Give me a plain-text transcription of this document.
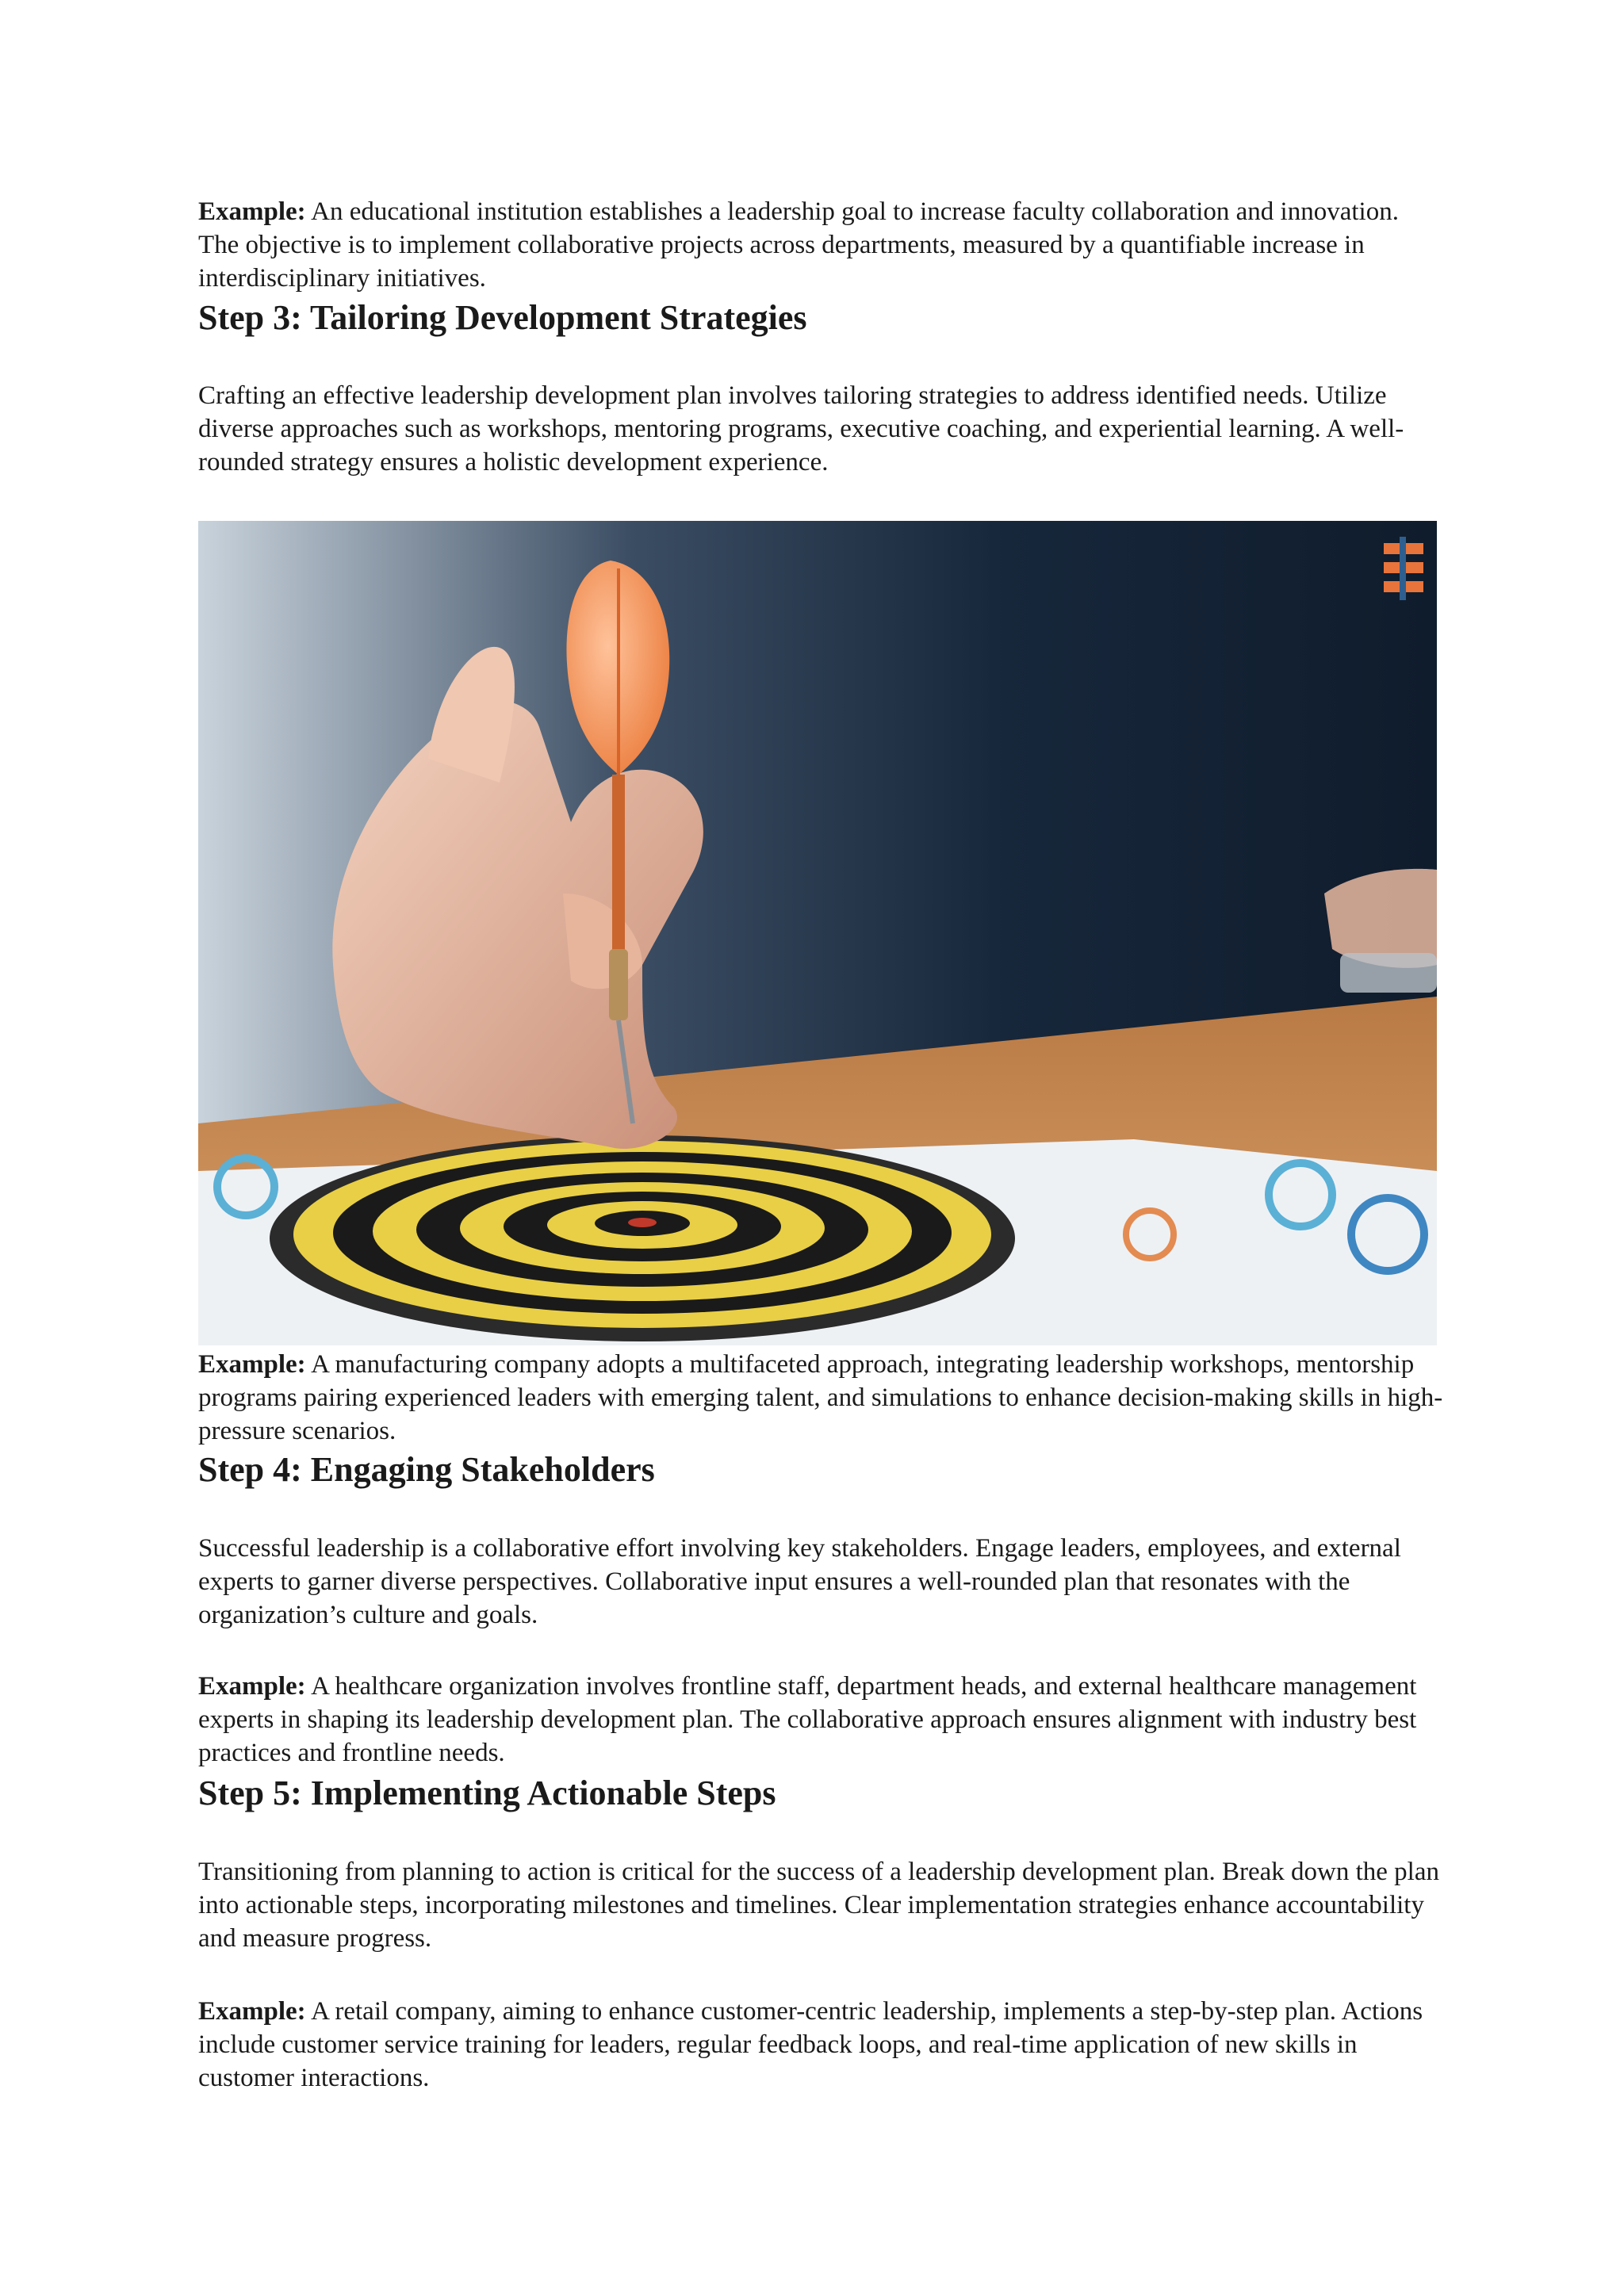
Example: An educational institution establishes a leadership goal to increase faculty collaboration and innovation. The objective is to implement collaborative projects across departments, measured by a quantifiable increase in interdisciplinary initiatives.

Step 3: Tailoring Development Strategies

Crafting an effective leadership development plan involves tailoring strategies to address identified needs. Utilize diverse approaches such as workshops, mentoring programs, executive coaching, and experiential learning. A well-rounded strategy ensures a holistic development experience.

Example: A manufacturing company adopts a multifaceted approach, integrating leadership workshops, mentorship programs pairing experienced leaders with emerging talent, and simulations to enhance decision-making skills in high-pressure scenarios.

Step 4: Engaging Stakeholders

Successful leadership is a collaborative effort involving key stakeholders. Engage leaders, employees, and external experts to garner diverse perspectives. Collaborative input ensures a well-rounded plan that resonates with the organization’s culture and goals.

Example: A healthcare organization involves frontline staff, department heads, and external healthcare management experts in shaping its leadership development plan. The collaborative approach ensures alignment with industry best practices and frontline needs.

Step 5: Implementing Actionable Steps

Transitioning from planning to action is critical for the success of a leadership development plan. Break down the plan into actionable steps, incorporating milestones and timelines. Clear implementation strategies enhance accountability and measure progress.

Example: A retail company, aiming to enhance customer-centric leadership, implements a step-by-step plan. Actions include customer service training for leaders, regular feedback loops, and real-time application of new skills in customer interactions.
